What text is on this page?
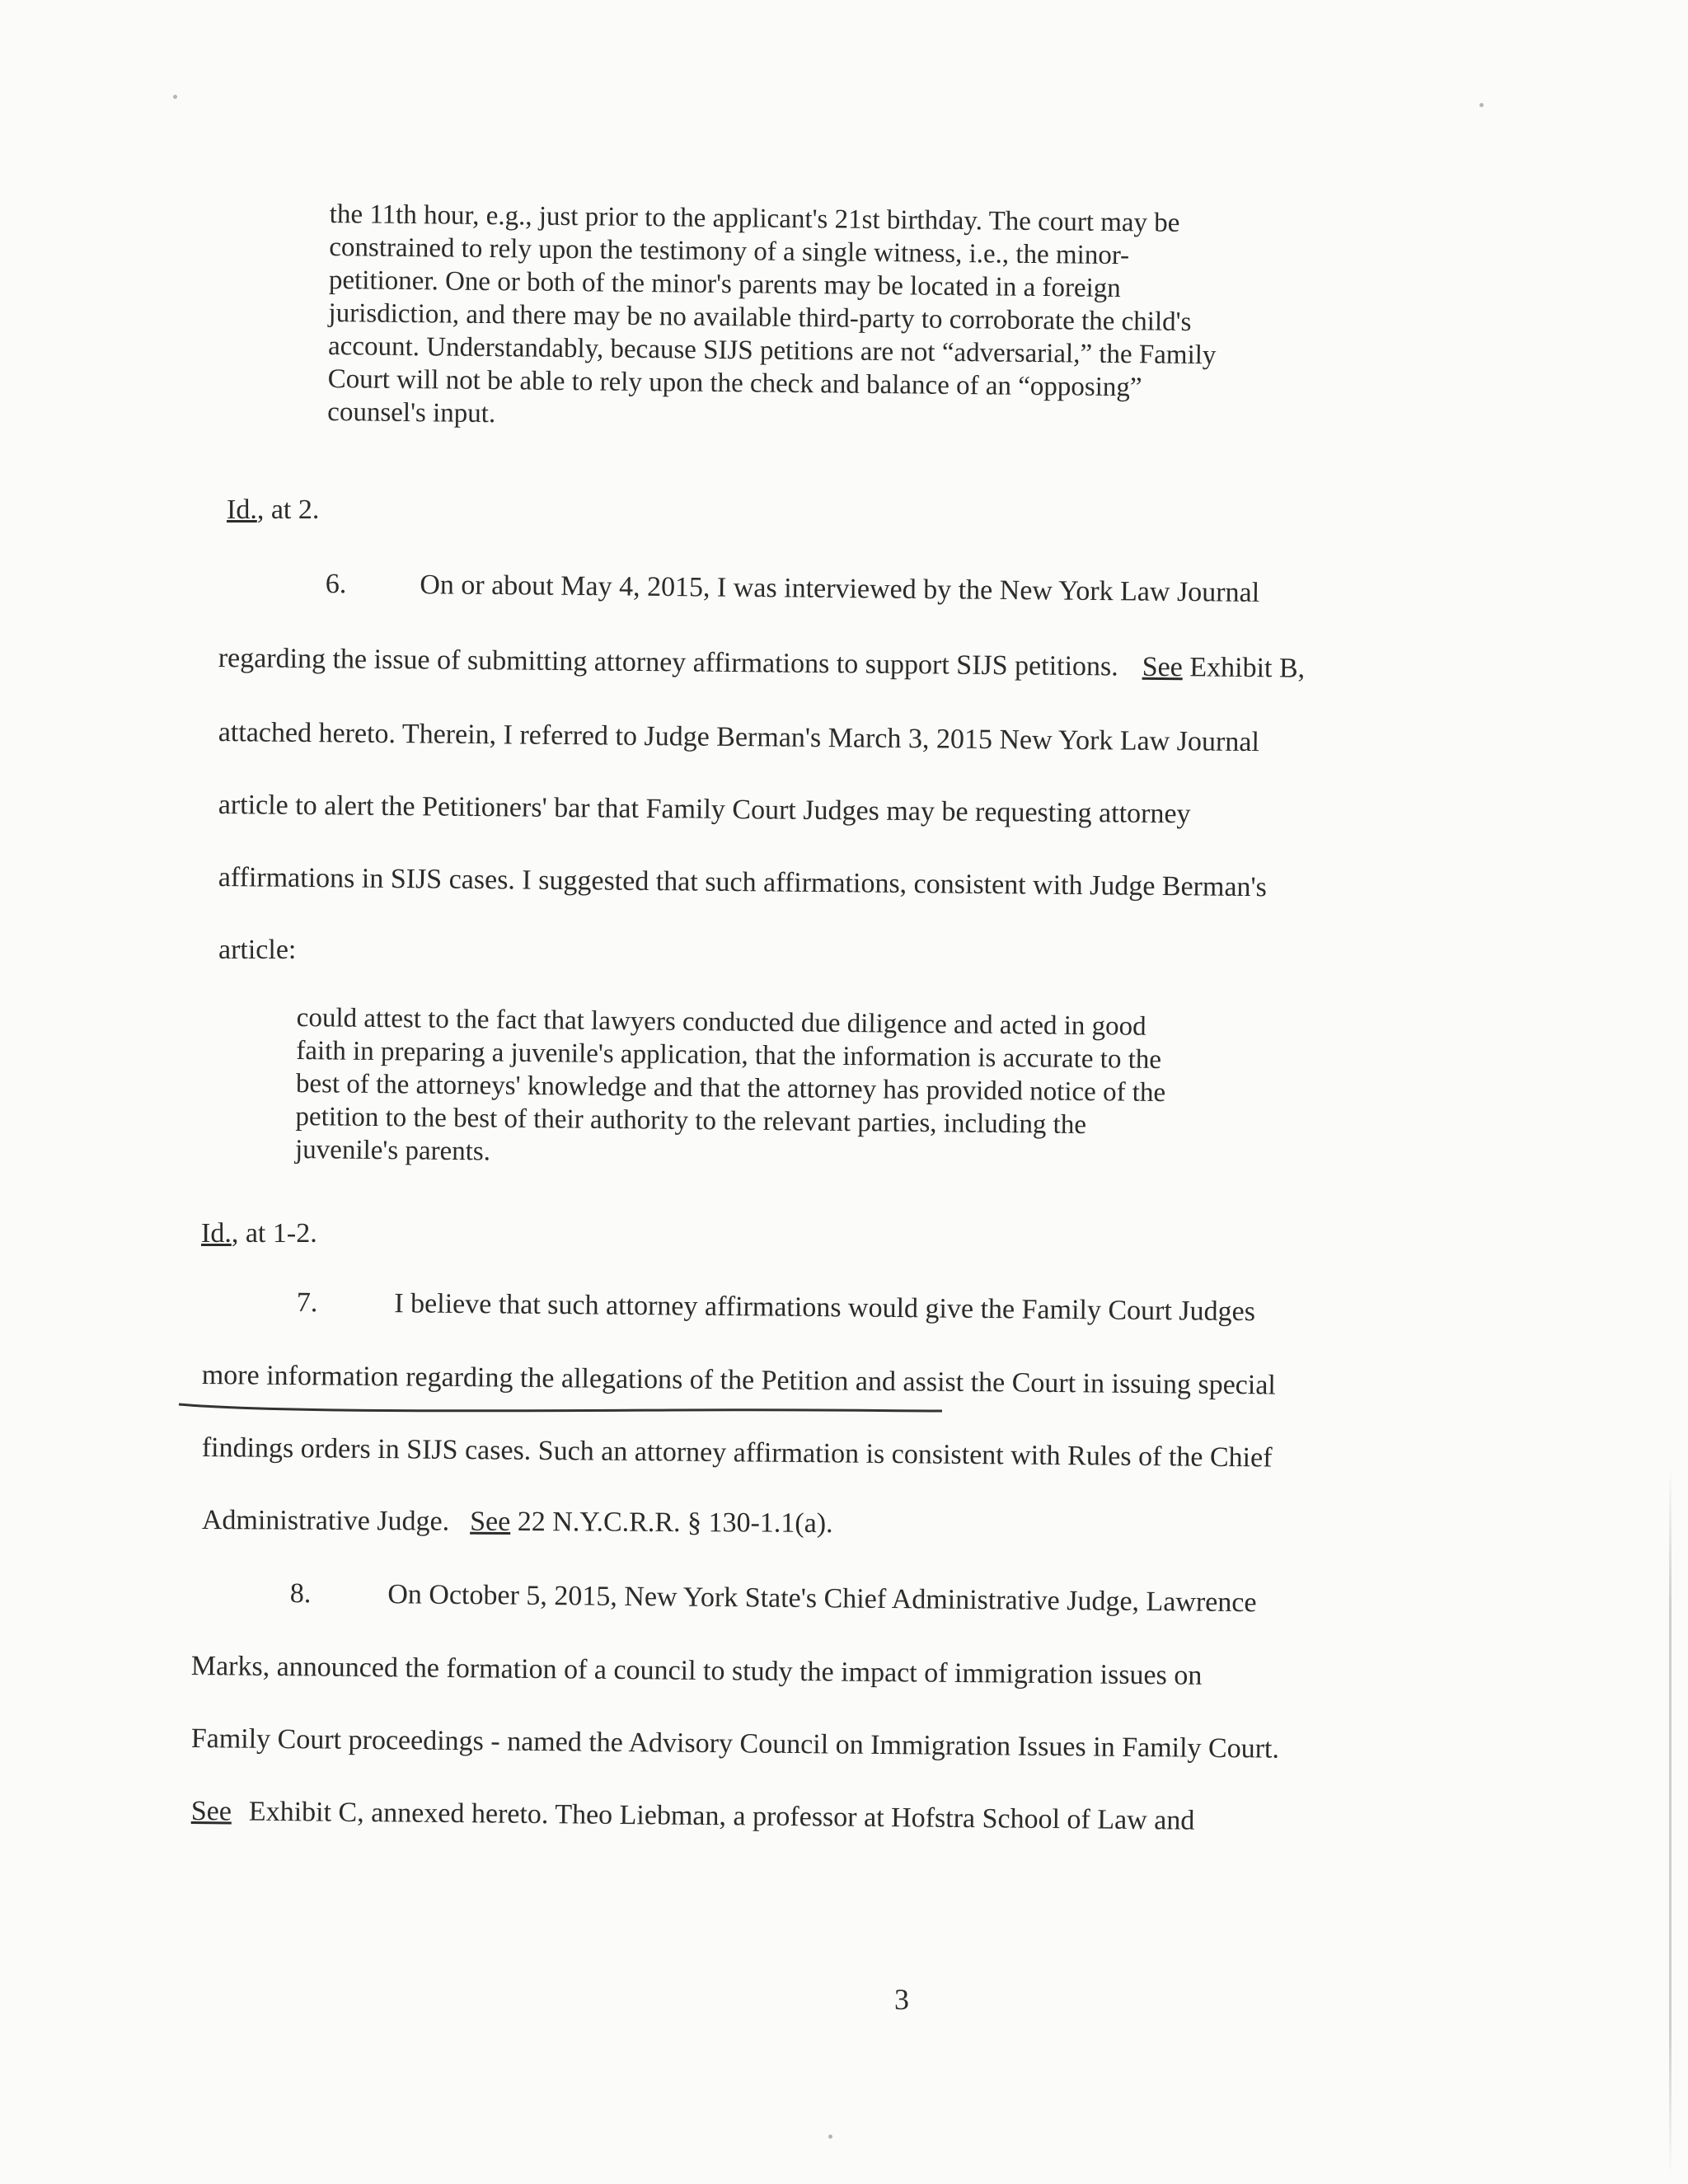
the 11th hour, e.g., just prior to the applicant's 21st birthday. The court may be

constrained to rely upon the testimony of a single witness, i.e., the minor-

petitioner. One or both of the minor's parents may be located in a foreign

jurisdiction, and there may be no available third-party to corroborate the child's

account. Understandably, because SIJS petitions are not “adversarial,” the Family

Court will not be able to rely upon the check and balance of an “opposing”

counsel's input.

Id., at 2.
6.	On or about May 4, 2015, I was interviewed by the New York Law Journal
regarding the issue of submitting attorney affirmations to support SIJS petitions. See Exhibit B,
attached hereto. Therein, I referred to Judge Berman's March 3, 2015 New York Law Journal
article to alert the Petitioners' bar that Family Court Judges may be requesting attorney
affirmations in SIJS cases. I suggested that such affirmations, consistent with Judge Berman's
article:

could attest to the fact that lawyers conducted due diligence and acted in good

faith in preparing a juvenile's application, that the information is accurate to the

best of the attorneys' knowledge and that the attorney has provided notice of the

petition to the best of their authority to the relevant parties, including the

juvenile's parents.

Id., at 1-2.
7.	I believe that such attorney affirmations would give the Family Court Judges
more information regarding the allegations of the Petition and assist the Court in issuing special
findings orders in SIJS cases. Such an attorney affirmation is consistent with Rules of the Chief
Administrative Judge. See 22 N.Y.C.R.R. § 130-1.1(a).
8.	On October 5, 2015, New York State's Chief Administrative Judge, Lawrence
Marks, announced the formation of a council to study the impact of immigration issues on
Family Court proceedings - named the Advisory Council on Immigration Issues in Family Court.
See Exhibit C, annexed hereto. Theo Liebman, a professor at Hofstra School of Law and
3
